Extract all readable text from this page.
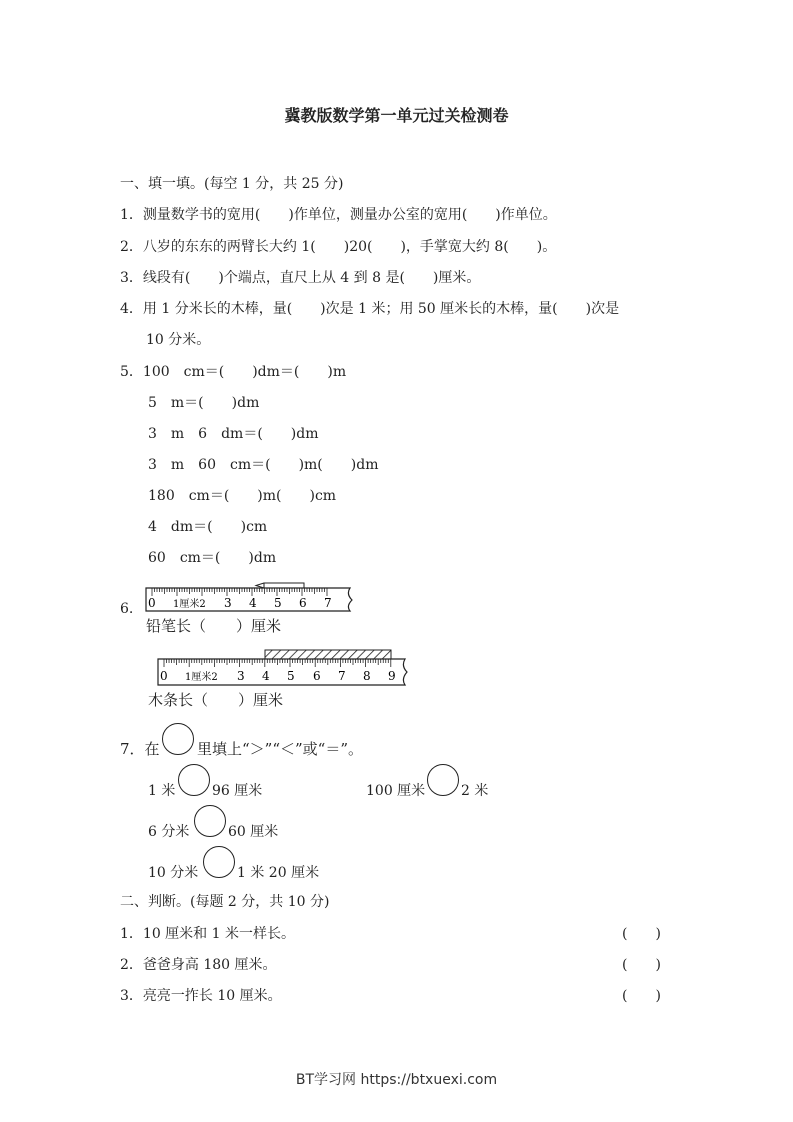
冀教版数学第一单元过关检测卷
一、填一填。(每空 1 分，共 25 分)
1．测量数学书的宽用(　　)作单位，测量办公室的宽用(　　)作单位。
2．八岁的东东的两臂长大约 1(　　)20(　　)，手掌宽大约 8(　　)。
3．线段有(　　)个端点，直尺上从 4 到 8 是(　　)厘米。
4．用 1 分米长的木棒，量(　　)次是 1 米；用 50 厘米长的木棒，量(　　)次是
10 分米。
5．100　cm＝(　　)dm＝(　　)m
5　m＝(　　)dm
3　m　6　dm＝(　　)dm
3　m　60　cm＝(　　)m(　　)dm
180　cm＝(　　)m(　　)cm
4　dm＝(　　)cm
60　cm＝(　　)dm
6. 0 1厘米2 3 4 5 6 7
铅笔长（　　）厘米
0 1厘米2 3 4 5 6 7 8 9
木条长（　　）厘米
7．在 里填上“＞”“＜”或“＝”。
1 米	96 厘米	100 厘米	2 米
6 分米	60 厘米
10 分米	1 米 20 厘米
二、判断。(每题 2 分，共 10 分)
1．10 厘米和 1 米一样长。	(　　)
2．爸爸身高 180 厘米。	(　　)
3．亮亮一拃长 10 厘米。	(　　)
BT学习网 https://btxuexi.com
